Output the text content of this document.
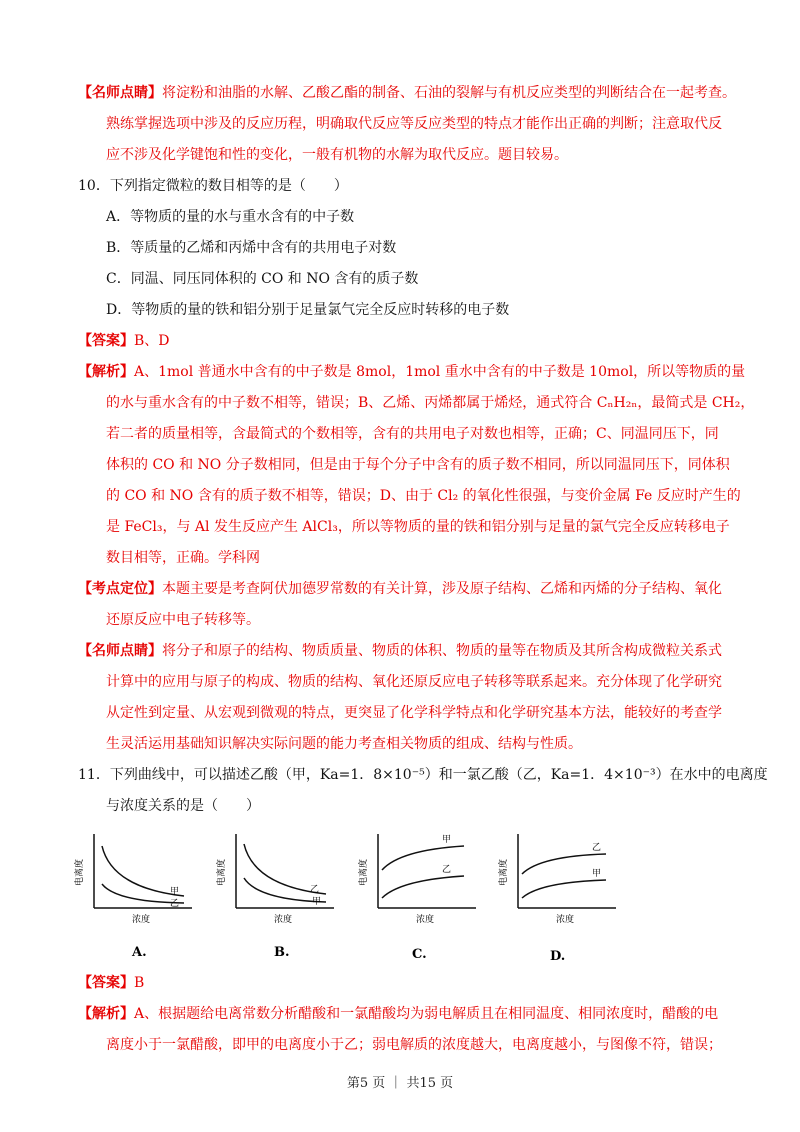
【名师点睛】将淀粉和油脂的水解、乙酸乙酯的制备、石油的裂解与有机反应类型的判断结合在一起考查。
熟练掌握选项中涉及的反应历程，明确取代反应等反应类型的特点才能作出正确的判断；注意取代反
应不涉及化学键饱和性的变化，一般有机物的水解为取代反应。题目较易。
10．下列指定微粒的数目相等的是（　　）
A．等物质的量的水与重水含有的中子数
B．等质量的乙烯和丙烯中含有的共用电子对数
C．同温、同压同体积的 CO 和 NO 含有的质子数
D．等物质的量的铁和铝分别于足量氯气完全反应时转移的电子数
【答案】B、D
【解析】A、1mol 普通水中含有的中子数是 8mol，1mol 重水中含有的中子数是 10mol，所以等物质的量
的水与重水含有的中子数不相等，错误；B、乙烯、丙烯都属于烯烃，通式符合 CₙH₂ₙ，最简式是 CH₂，
若二者的质量相等，含最简式的个数相等，含有的共用电子对数也相等，正确；C、同温同压下，同
体积的 CO 和 NO 分子数相同，但是由于每个分子中含有的质子数不相同，所以同温同压下，同体积
的 CO 和 NO 含有的质子数不相等，错误；D、由于 Cl₂ 的氧化性很强，与变价金属 Fe 反应时产生的
是 FeCl₃，与 Al 发生反应产生 AlCl₃，所以等物质的量的铁和铝分别与足量的氯气完全反应转移电子
数目相等，正确。学科网
【考点定位】本题主要是考查阿伏加德罗常数的有关计算，涉及原子结构、乙烯和丙烯的分子结构、氧化
还原反应中电子转移等。
【名师点睛】将分子和原子的结构、物质质量、物质的体积、物质的量等在物质及其所含构成微粒关系式
计算中的应用与原子的构成、物质的结构、氧化还原反应电子转移等联系起来。充分体现了化学研究
从定性到定量、从宏观到微观的特点，更突显了化学科学特点和化学研究基本方法，能较好的考查学
生灵活运用基础知识解决实际问题的能力考查相关物质的组成、结构与性质。
11．下列曲线中，可以描述乙酸（甲，Ka=1．8×10⁻⁵）和一氯乙酸（乙，Ka=1．4×10⁻³）在水中的电离度
与浓度关系的是（　　）
甲
乙
电离度
浓度
A.
乙
甲
电离度
浓度
B.
甲
乙
电离度
浓度
C.
乙
甲
电离度
浓度
D.
【答案】B
【解析】A、根据题给电离常数分析醋酸和一氯醋酸均为弱电解质且在相同温度、相同浓度时，醋酸的电
离度小于一氯醋酸，即甲的电离度小于乙；弱电解质的浓度越大，电离度越小，与图像不符，错误；
第5 页 ｜ 共15 页
